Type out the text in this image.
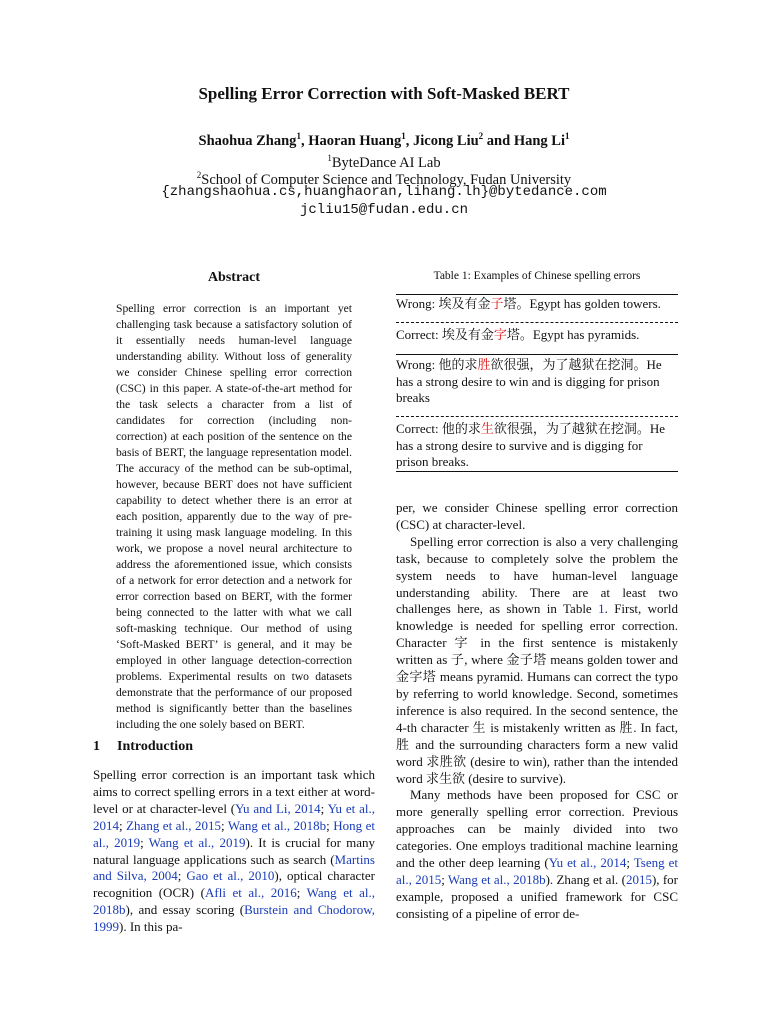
Spelling Error Correction with Soft-Masked BERT
Shaohua Zhang$^1$, Haoran Huang$^1$, Jicong Liu$^2$ and Hang Li$^1$
$^1$ByteDance AI Lab
$^2$School of Computer Science and Technology, Fudan University
{zhangshaohua.cs,huanghaoran,lihang.lh}@bytedance.com
jcliu15@fudan.edu.cn
Abstract
Spelling error correction is an important yet challenging task because a satisfactory solution of it essentially needs human-level language understanding ability. Without loss of generality we consider Chinese spelling error correction (CSC) in this paper. A state-of-the-art method for the task selects a character from a list of candidates for correction (including non-correction) at each position of the sentence on the basis of BERT, the language representation model. The accuracy of the method can be sub-optimal, however, because BERT does not have sufficient capability to detect whether there is an error at each position, apparently due to the way of pre-training it using mask language modeling. In this work, we propose a novel neural architecture to address the aforementioned issue, which consists of a network for error detection and a network for error correction based on BERT, with the former being connected to the latter with what we call soft-masking technique. Our method of using ‘Soft-Masked BERT’ is general, and it may be employed in other language detection-correction problems. Experimental results on two datasets demonstrate that the performance of our proposed method is significantly better than the baselines including the one solely based on BERT.
1 Introduction
Spelling error correction is an important task which aims to correct spelling errors in a text either at word-level or at character-level (Yu and Li, 2014; Yu et al., 2014; Zhang et al., 2015; Wang et al., 2018b; Hong et al., 2019; Wang et al., 2019). It is crucial for many natural language applications such as search (Martins and Silva, 2004; Gao et al., 2010), optical character recognition (OCR) (Afli et al., 2016; Wang et al., 2018b), and essay scoring (Burstein and Chodorow, 1999). In this pa-
Table 1: Examples of Chinese spelling errors
Wrong: 埃及有金子塔。Egypt has golden towers.
Correct: 埃及有金字塔。Egypt has pyramids.
Wrong: 他的求胜欲很强，为了越狱在挖洞。He has a strong desire to win and is digging for prison breaks
Correct: 他的求生欲很强，为了越狱在挖洞。He has a strong desire to survive and is digging for prison breaks.

per, we consider Chinese spelling error correction (CSC) at character-level.

Spelling error correction is also a very challenging task, because to completely solve the problem the system needs to have human-level language understanding ability. There are at least two challenges here, as shown in Table 1. First, world knowledge is needed for spelling error correction. Character 字 in the first sentence is mistakenly written as 子, where 金子塔 means golden tower and 金字塔 means pyramid. Humans can correct the typo by referring to world knowledge. Second, sometimes inference is also required. In the second sentence, the 4-th character 生 is mistakenly written as 胜. In fact, 胜 and the surrounding characters form a new valid word 求胜欲 (desire to win), rather than the intended word 求生欲 (desire to survive).

Many methods have been proposed for CSC or more generally spelling error correction. Previous approaches can be mainly divided into two categories. One employs traditional machine learning and the other deep learning (Yu et al., 2014; Tseng et al., 2015; Wang et al., 2018b). Zhang et al. (2015), for example, proposed a unified framework for CSC consisting of a pipeline of error de-
